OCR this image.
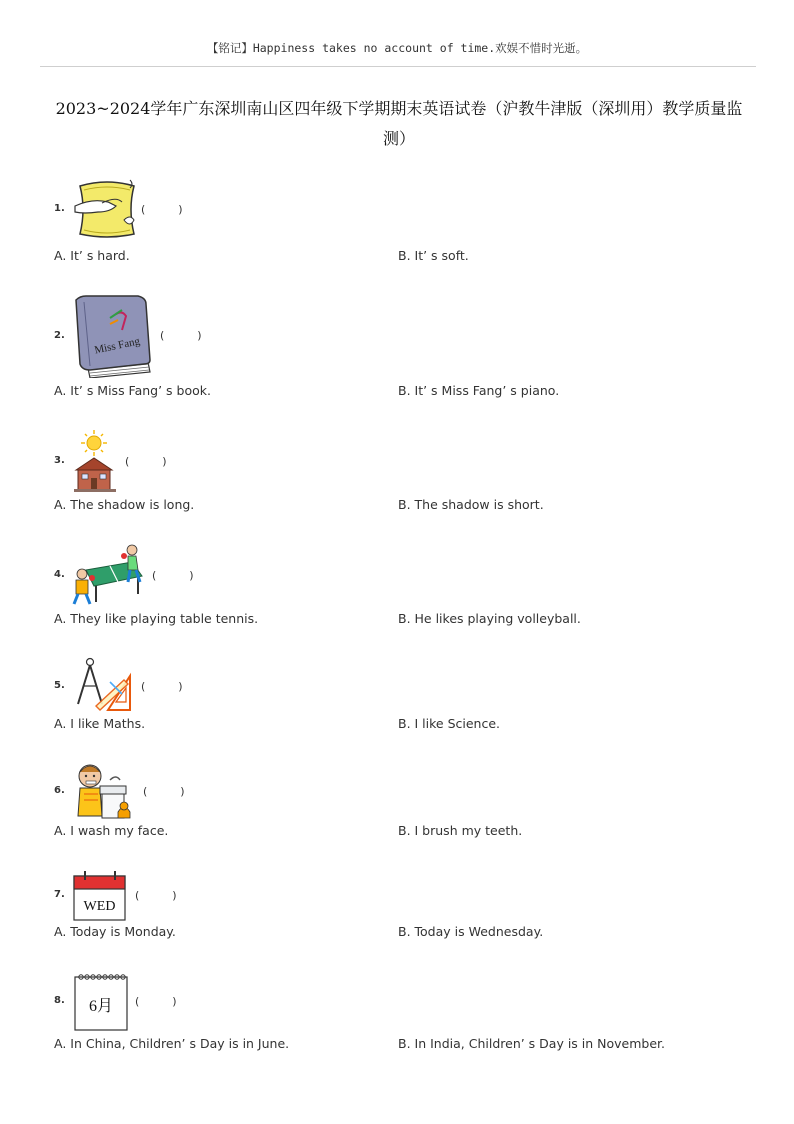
【铭记】Happiness takes no account of time.欢娱不惜时光逝。
2023~2024学年广东深圳南山区四年级下学期期末英语试卷（沪教牛津版（深圳用）教学质量监测）
1.	(　　　)
A. It’ s hard.	B. It’ s soft.
2.	Miss Fang (　　　)
A. It’ s Miss Fang’ s book.	B. It’ s Miss Fang’ s piano.
3.	(　　　)
A. The shadow is long.	B. The shadow is short.
4.	(　　　)
A. They like playing table tennis.	B. He likes playing volleyball.
5.	(　　　)
A. I like Maths.	B. I like Science.
6.	(　　　)
A. I wash my face.	B. I brush my teeth.
7.
WED
(　　　)
A. Today is Monday.	B. Today is Wednesday.
8. 6月 (　　　)
A. In China, Children’ s Day is in June.	B. In India, Children’ s Day is in November.
